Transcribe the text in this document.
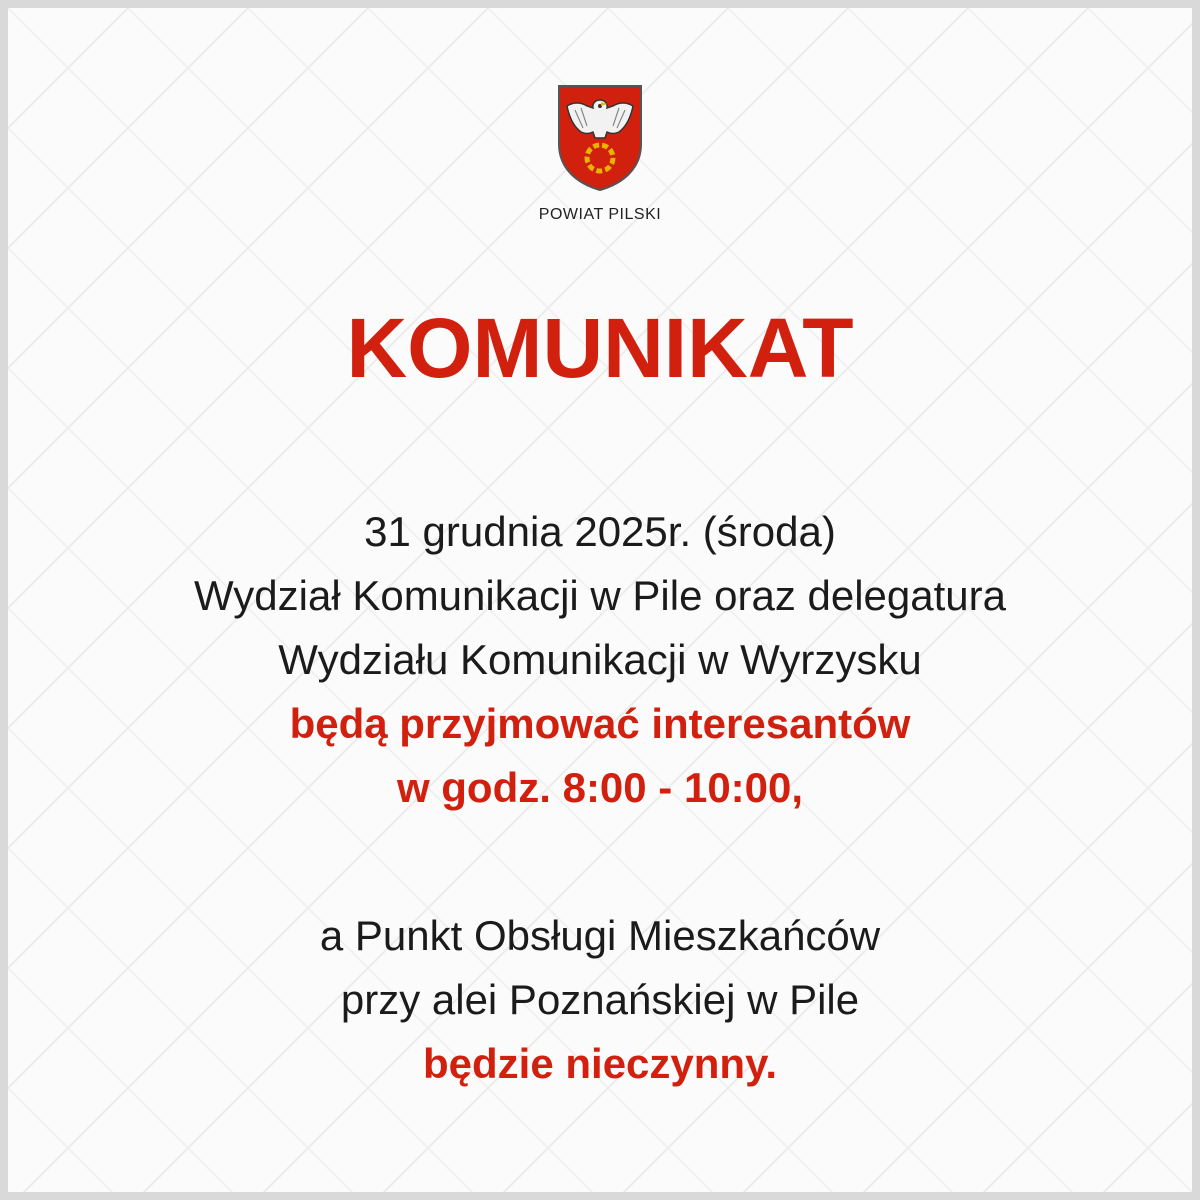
POWIAT PILSKI
KOMUNIKAT
31 grudnia 2025r. (środa)
Wydział Komunikacji w Pile oraz delegatura
Wydziału Komunikacji w Wyrzysku
będą przyjmować interesantów
w godz. 8:00 - 10:00,
a Punkt Obsługi Mieszkańców
przy alei Poznańskiej w Pile
będzie nieczynny.
